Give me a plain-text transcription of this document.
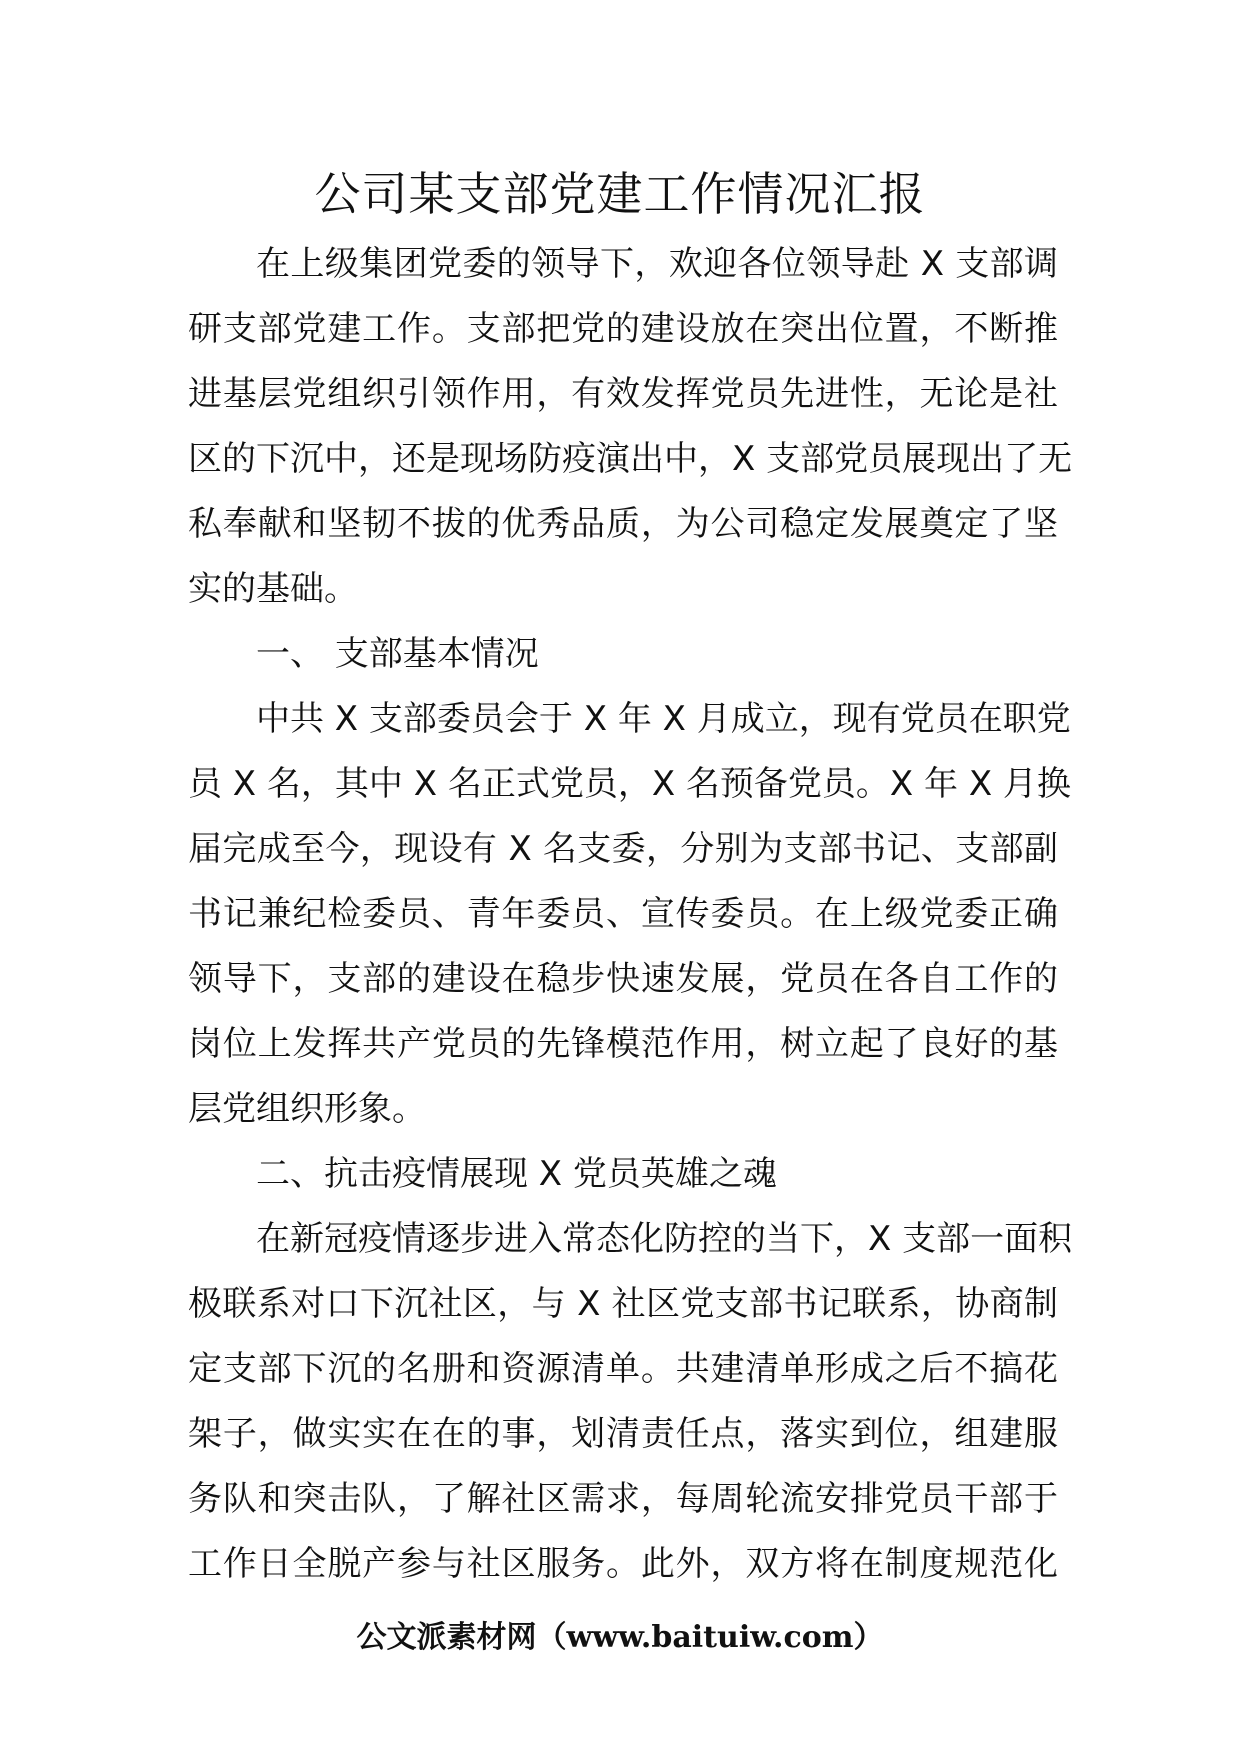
公司某支部党建工作情况汇报

在上级集团党委的领导下，欢迎各位领导赴 X 支部调

研支部党建工作。支部把党的建设放在突出位置，不断推

进基层党组织引领作用，有效发挥党员先进性，无论是社

区的下沉中，还是现场防疫演出中，X 支部党员展现出了无

私奉献和坚韧不拔的优秀品质，为公司稳定发展奠定了坚

实的基础。

一、 支部基本情况

中共 X 支部委员会于 X 年 X 月成立，现有党员在职党

员 X 名，其中 X 名正式党员，X 名预备党员。X 年 X 月换

届完成至今，现设有 X 名支委，分别为支部书记、支部副

书记兼纪检委员、青年委员、宣传委员。在上级党委正确

领导下，支部的建设在稳步快速发展，党员在各自工作的

岗位上发挥共产党员的先锋模范作用，树立起了良好的基

层党组织形象。

二、抗击疫情展现 X 党员英雄之魂

在新冠疫情逐步进入常态化防控的当下，X 支部一面积

极联系对口下沉社区，与 X 社区党支部书记联系，协商制

定支部下沉的名册和资源清单。共建清单形成之后不搞花

架子，做实实在在的事，划清责任点，落实到位，组建服

务队和突击队，了解社区需求，每周轮流安排党员干部于

工作日全脱产参与社区服务。此外，双方将在制度规范化

公文派素材网（www.baituiw.com）
